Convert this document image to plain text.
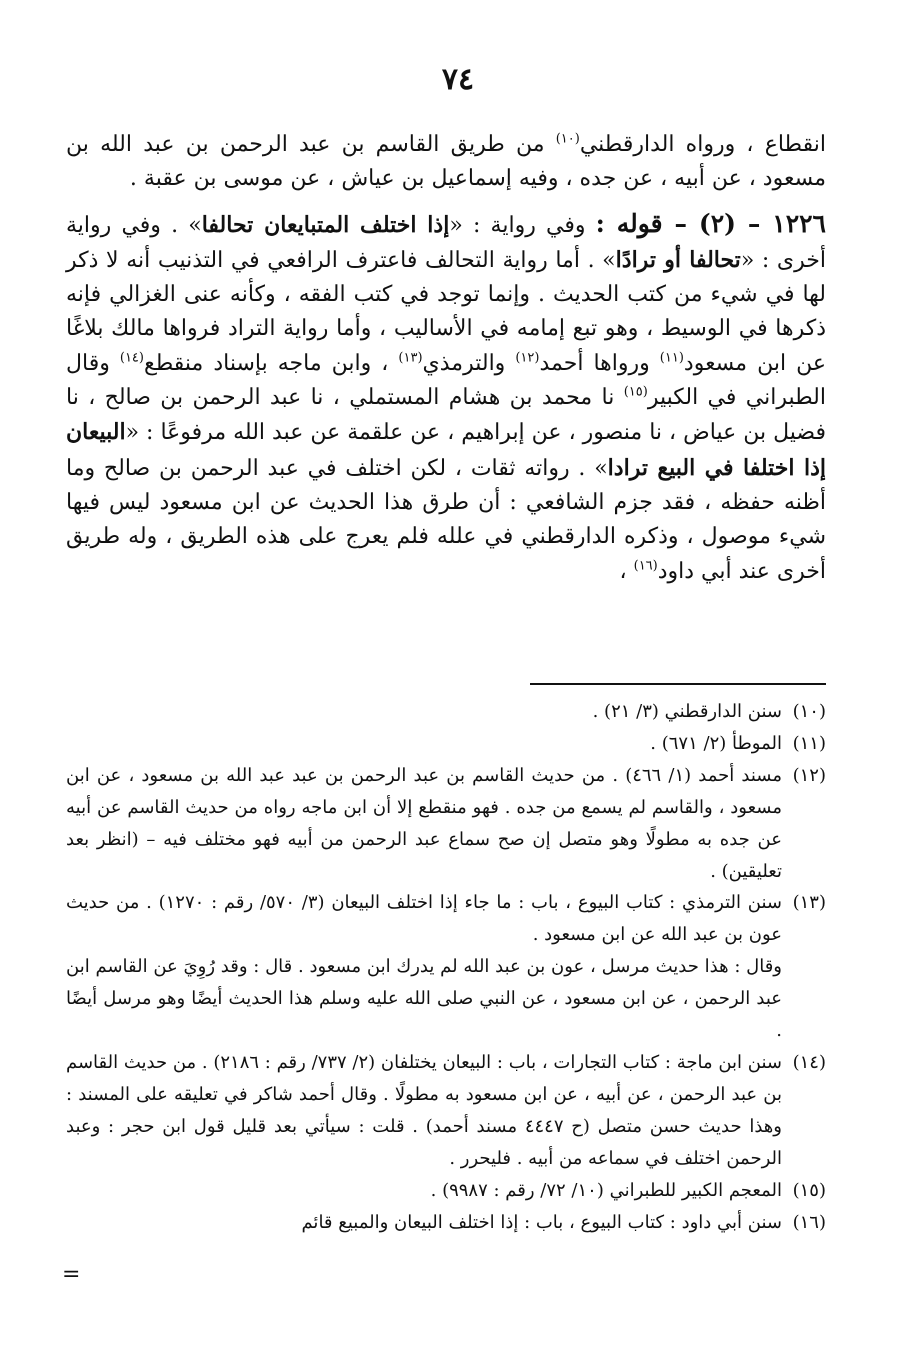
٧٤

انقطاع ، ورواه الدارقطني$^{(١٠)}$ من طريق القاسم بن عبد الرحمن بن عبد الله بن مسعود ، عن أبيه ، عن جده ، وفيه إسماعيل بن عياش ، عن موسى بن عقبة .

١٢٢٦ – (٢) – قوله : وفي رواية : «إذا اختلف المتبايعان تحالفا» . وفي رواية أخرى : «تحالفا أو ترادًا» . أما رواية التحالف فاعترف الرافعي في التذنيب أنه لا ذكر لها في شيء من كتب الحديث . وإنما توجد في كتب الفقه ، وكأنه عنى الغزالي فإنه ذكرها في الوسيط ، وهو تبع إمامه في الأساليب ، وأما رواية التراد فرواها مالك بلاغًا عن ابن مسعود$^{(١١)}$ ورواها أحمد$^{(١٢)}$ والترمذي$^{(١٣)}$ ، وابن ماجه بإسناد منقطع$^{(١٤)}$ وقال الطبراني في الكبير$^{(١٥)}$ نا محمد بن هشام المستملي ، نا عبد الرحمن بن صالح ، نا فضيل بن عياض ، نا منصور ، عن إبراهيم ، عن علقمة عن عبد الله مرفوعًا : «البيعان إذا اختلفا في البيع ترادا» . رواته ثقات ، لكن اختلف في عبد الرحمن بن صالح وما أظنه حفظه ، فقد جزم الشافعي : أن طرق هذا الحديث عن ابن مسعود ليس فيها شيء موصول ، وذكره الدارقطني في علله فلم يعرج على هذه الطريق ، وله طريق أخرى عند أبي داود$^{(١٦)}$ ،

(١٠)
سنن الدارقطني (٣/ ٢١) .

(١١)
الموطأ (٢/ ٦٧١) .

(١٢)
مسند أحمد (١/ ٤٦٦) . من حديث القاسم بن عبد الرحمن بن عبد عبد الله بن مسعود ، عن ابن مسعود ، والقاسم لم يسمع من جده . فهو منقطع إلا أن ابن ماجه رواه من حديث القاسم عن أبيه عن جده به مطولًا وهو متصل إن صح سماع عبد الرحمن من أبيه فهو مختلف فيه – (انظر بعد تعليقين) .

(١٣)
سنن الترمذي : كتاب البيوع ، باب : ما جاء إذا اختلف البيعان (٣/ ٥٧٠/ رقم : ١٢٧٠) . من حديث عون بن عبد الله عن ابن مسعود .
وقال : هذا حديث مرسل ، عون بن عبد الله لم يدرك ابن مسعود . قال : وقد رُوِيَ عن القاسم ابن عبد الرحمن ، عن ابن مسعود ، عن النبي صلى الله عليه وسلم هذا الحديث أيضًا وهو مرسل أيضًا .

(١٤)
سنن ابن ماجة : كتاب التجارات ، باب : البيعان يختلفان (٢/ ٧٣٧/ رقم : ٢١٨٦) . من حديث القاسم بن عبد الرحمن ، عن أبيه ، عن ابن مسعود به مطولًا . وقال أحمد شاكر في تعليقه على المسند : وهذا حديث حسن متصل (ح ٤٤٤٧ مسند أحمد) . قلت : سيأتي بعد قليل قول ابن حجر : وعبد الرحمن اختلف في سماعه من أبيه . فليحرر .

(١٥)
المعجم الكبير للطبراني (١٠/ ٧٢/ رقم : ٩٩٨٧) .

(١٦)
سنن أبي داود : كتاب البيوع ، باب : إذا اختلف البيعان والمبيع قائم

=
